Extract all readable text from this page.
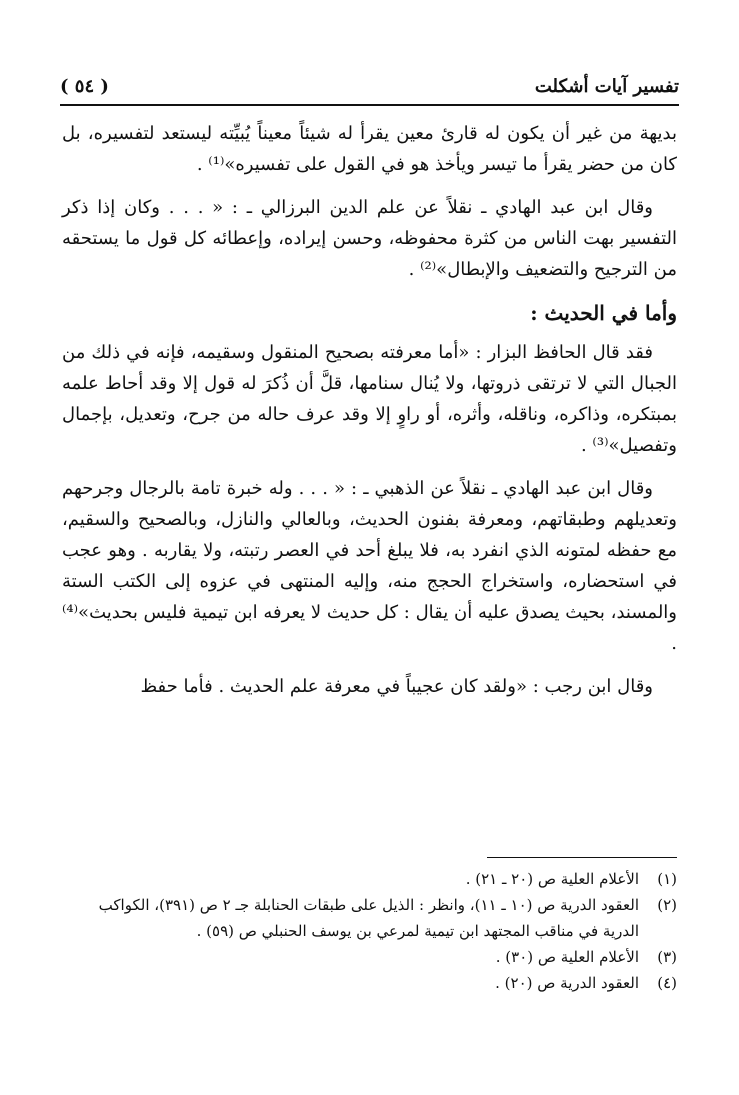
تفسير آيات أشكلت
( ٥٤ )

بديهة من غير أن يكون له قارئ معين يقرأ له شيئاً معيناً يُبيِّته ليستعد لتفسيره، بل كان من حضر يقرأ ما تيسر ويأخذ هو في القول على تفسيره»⁽¹⁾ .

وقال ابن عبد الهادي ـ نقلاً عن علم الدين البرزالي ـ : « . . . وكان إذا ذكر التفسير بهت الناس من كثرة محفوظه، وحسن إيراده، وإعطائه كل قول ما يستحقه من الترجيح والتضعيف والإبطال»⁽²⁾ .

وأما في الحديث :

فقد قال الحافظ البزار : «أما معرفته بصحيح المنقول وسقيمه، فإنه في ذلك من الجبال التي لا ترتقى ذروتها، ولا يُنال سنامها، قلَّ أن ذُكرَ له قول إلا وقد أحاط علمه بمبتكره، وذاكره، وناقله، وأثره، أو راوٍ إلا وقد عرف حاله من جرح، وتعديل، بإجمال وتفصيل»⁽³⁾ .

وقال ابن عبد الهادي ـ نقلاً عن الذهبي ـ : « . . . وله خبرة تامة بالرجال وجرحهم وتعديلهم وطبقاتهم، ومعرفة بفنون الحديث، وبالعالي والنازل، وبالصحيح والسقيم، مع حفظه لمتونه الذي انفرد به، فلا يبلغ أحد في العصر رتبته، ولا يقاربه . وهو عجب في استحضاره، واستخراج الحجج منه، وإليه المنتهى في عزوه إلى الكتب الستة والمسند، بحيث يصدق عليه أن يقال : كل حديث لا يعرفه ابن تيمية فليس بحديث»⁽⁴⁾ .

وقال ابن رجب : «ولقد كان عجيباً في معرفة علم الحديث . فأما حفظ

(١)
الأعلام العلية ص (٢٠ ـ ٢١) .
(٢)
العقود الدرية ص (١٠ ـ ١١)، وانظر : الذيل على طبقات الحنابلة جـ ٢ ص (٣٩١)، الكواكب الدرية في مناقب المجتهد ابن تيمية لمرعي بن يوسف الحنبلي ص (٥٩) .
(٣)
الأعلام العلية ص (٣٠) .
(٤)
العقود الدرية ص (٢٠) .
